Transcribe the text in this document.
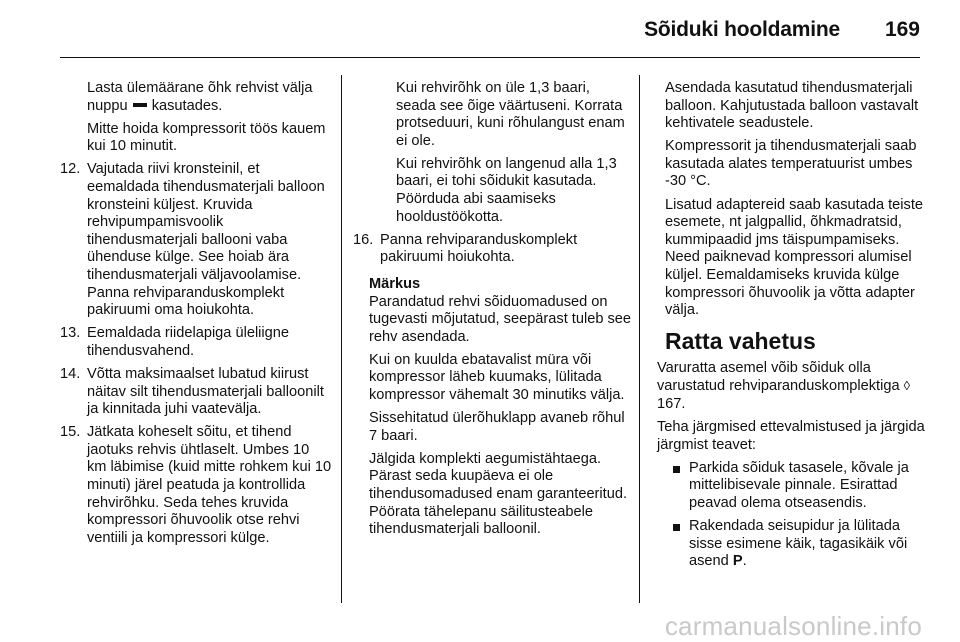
Sõiduki hooldamine 169

Lasta ülemäärane õhk rehvist välja nuppu kasutades.

Mitte hoida kompressorit töös kauem kui 10 minutit.

12. Vajutada riivi kronsteinil, et eemaldada tihendusmaterjali balloon kronsteini küljest. Kruvida rehvipumpamisvoolik tihendusmaterjali ballooni vaba ühenduse külge. See hoiab ära tihendusmaterjali väljavoolamise. Panna rehviparanduskomplekt pakiruumi oma hoiukohta.
13. Eemaldada riidelapiga üleliigne tihendusvahend.
14. Võtta maksimaalset lubatud kiirust näitav silt tihendusmaterjali balloonilt ja kinnitada juhi vaatevälja.
15. Jätkata koheselt sõitu, et tihend jaotuks rehvis ühtlaselt. Umbes 10 km läbimise (kuid mitte rohkem kui 10 minuti) järel peatuda ja kontrollida rehvirõhku. Seda tehes kruvida kompressori õhuvoolik otse rehvi ventiili ja kompressori külge.

Kui rehvirõhk on üle 1,3 baari, seada see õige väärtuseni. Korrata protseduuri, kuni rõhulangust enam ei ole.

Kui rehvirõhk on langenud alla 1,3 baari, ei tohi sõidukit kasutada. Pöörduda abi saamiseks hooldustöökotta.

16. Panna rehviparanduskomplekt pakiruumi hoiukohta.

Märkus

Parandatud rehvi sõiduomadused on tugevasti mõjutatud, seepärast tuleb see rehv asendada.

Kui on kuulda ebatavalist müra või kompressor läheb kuumaks, lülitada kompressor vähemalt 30 minutiks välja.

Sissehitatud ülerõhuklapp avaneb rõhul 7 baari.

Jälgida komplekti aegumistähtaega. Pärast seda kuupäeva ei ole tihendusomadused enam garanteeritud. Pöörata tähelepanu säilitusteabele tihendusmaterjali balloonil.

Asendada kasutatud tihendusmaterjali balloon. Kahjutustada balloon vastavalt kehtivatele seadustele.

Kompressorit ja tihendusmaterjali saab kasutada alates temperatuurist umbes -30 °C.

Lisatud adaptereid saab kasutada teiste esemete, nt jalgpallid, õhkmadratsid, kummipaadid jms täispumpamiseks. Need paiknevad kompressori alumisel küljel. Eemaldamiseks kruvida külge kompressori õhuvoolik ja võtta adapter välja.

Ratta vahetus

Varuratta asemel võib sõiduk olla varustatud rehviparanduskomplektiga ◊ 167.

Teha järgmised ettevalmistused ja järgida järgmist teavet:

Parkida sõiduk tasasele, kõvale ja mittelibisevale pinnale. Esirattad peavad olema otseasendis.
Rakendada seisupidur ja lülitada sisse esimene käik, tagasikäik või asend P.
carmanualsonline.info
